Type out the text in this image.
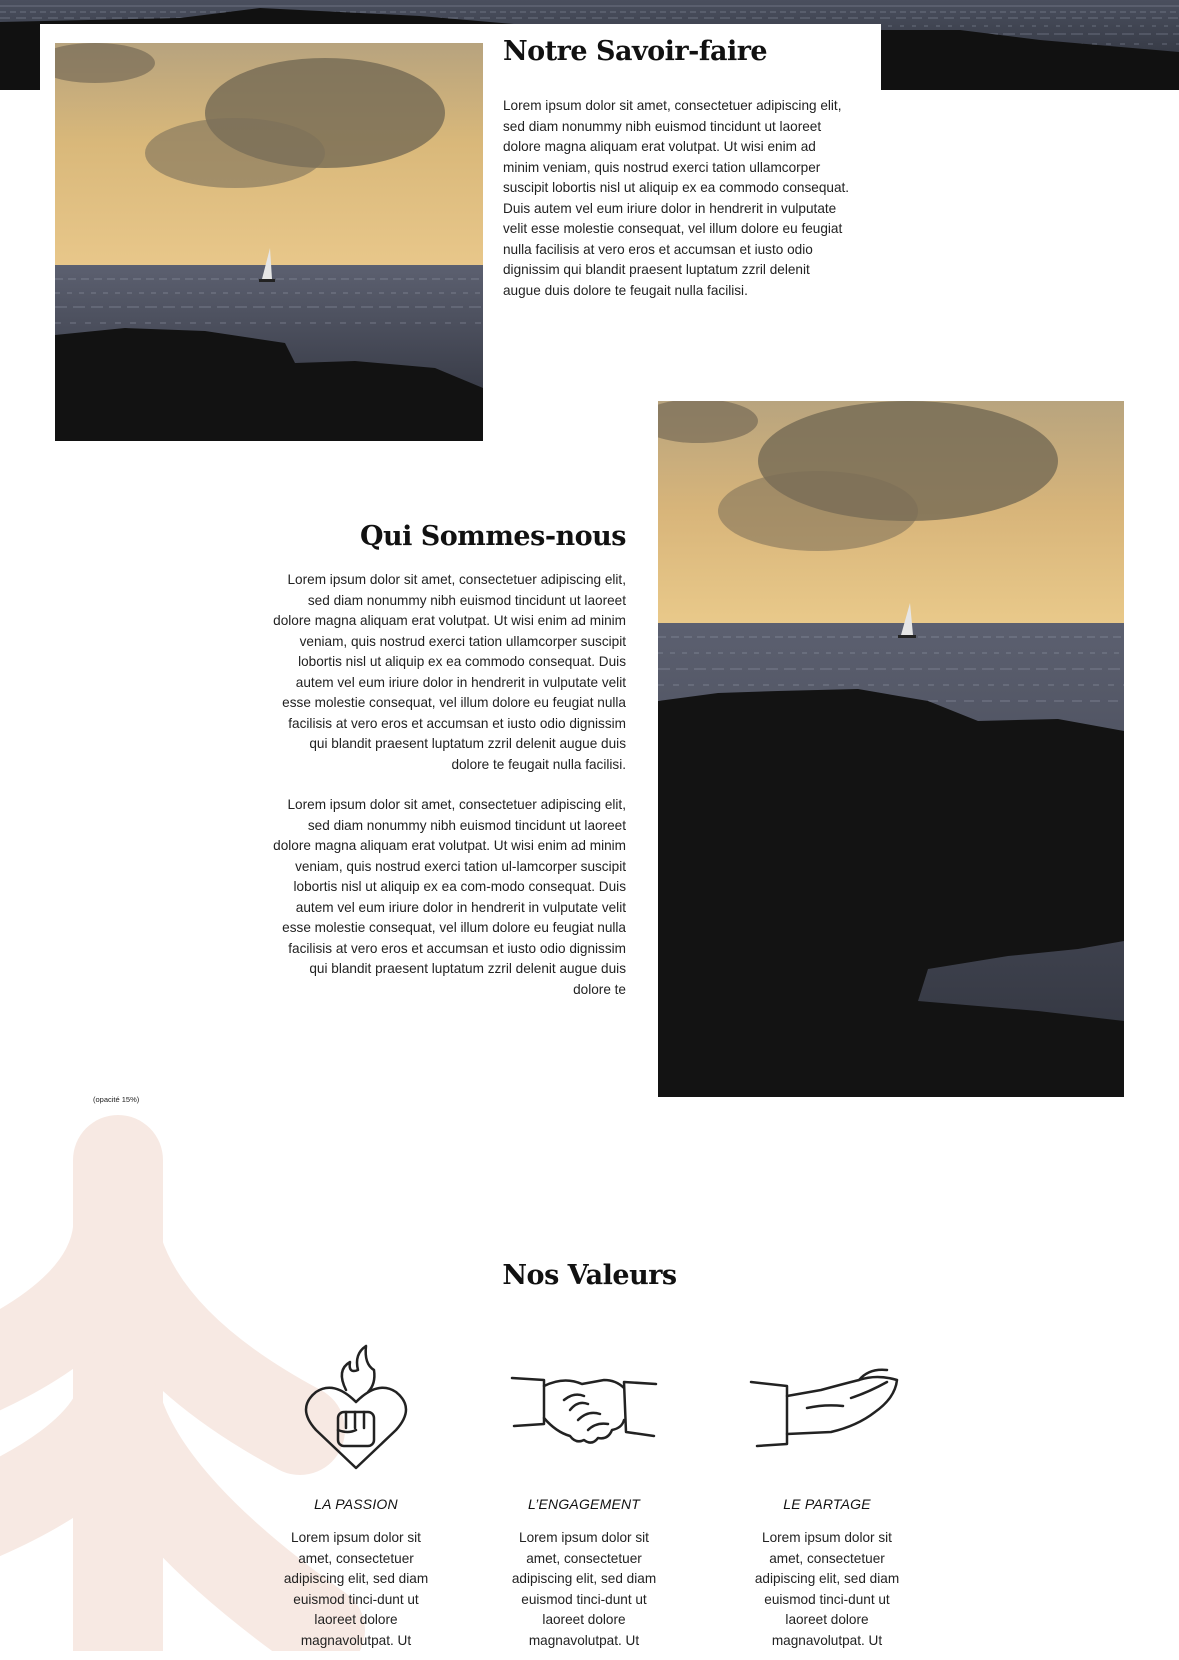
Notre Savoir-faire
Lorem ipsum dolor sit amet, consectetuer adipiscing elit, sed diam nonummy nibh euismod tincidunt ut laoreet dolore magna aliquam erat volutpat. Ut wisi enim ad minim veniam, quis nostrud exerci tation ullamcorper suscipit lobortis nisl ut aliquip ex ea commodo consequat. Duis autem vel eum iriure dolor in hendrerit in vulputate velit esse molestie consequat, vel illum dolore eu feugiat nulla facilisis at vero eros et accumsan et iusto odio dignissim qui blandit praesent luptatum zzril delenit augue duis dolore te feugait nulla facilisi.
Qui Sommes-nous
Lorem ipsum dolor sit amet, consectetuer adipiscing elit, sed diam nonummy nibh euismod tincidunt ut laoreet dolore magna aliquam erat volutpat. Ut wisi enim ad minim veniam, quis nostrud exerci tation ullamcorper suscipit lobortis nisl ut aliquip ex ea commodo consequat. Duis autem vel eum iriure dolor in hendrerit in vulputate velit esse molestie consequat, vel illum dolore eu feugiat nulla facilisis at vero eros et accumsan et iusto odio dignissim qui blandit praesent luptatum zzril delenit augue duis dolore te feugait nulla facilisi.
Lorem ipsum dolor sit amet, consectetuer adipiscing elit, sed diam nonummy nibh euismod tincidunt ut laoreet dolore magna aliquam erat volutpat. Ut wisi enim ad minim veniam, quis nostrud exerci tation ul-lamcorper suscipit lobortis nisl ut aliquip ex ea com-modo consequat. Duis autem vel eum iriure dolor in hendrerit in vulputate velit esse molestie consequat, vel illum dolore eu feugiat nulla facilisis at vero eros et accumsan et iusto odio dignissim qui blandit praesent luptatum zzril delenit augue duis dolore te
(opacité 15%)
Nos Valeurs
LA PASSION
Lorem ipsum dolor sit amet, consectetuer adipiscing elit, sed diam euismod tinci-dunt ut laoreet dolore magnavolutpat. Ut
L’ENGAGEMENT
Lorem ipsum dolor sit amet, consectetuer adipiscing elit, sed diam euismod tinci-dunt ut laoreet dolore magnavolutpat. Ut
LE PARTAGE
Lorem ipsum dolor sit amet, consectetuer adipiscing elit, sed diam euismod tinci-dunt ut laoreet dolore magnavolutpat. Ut
